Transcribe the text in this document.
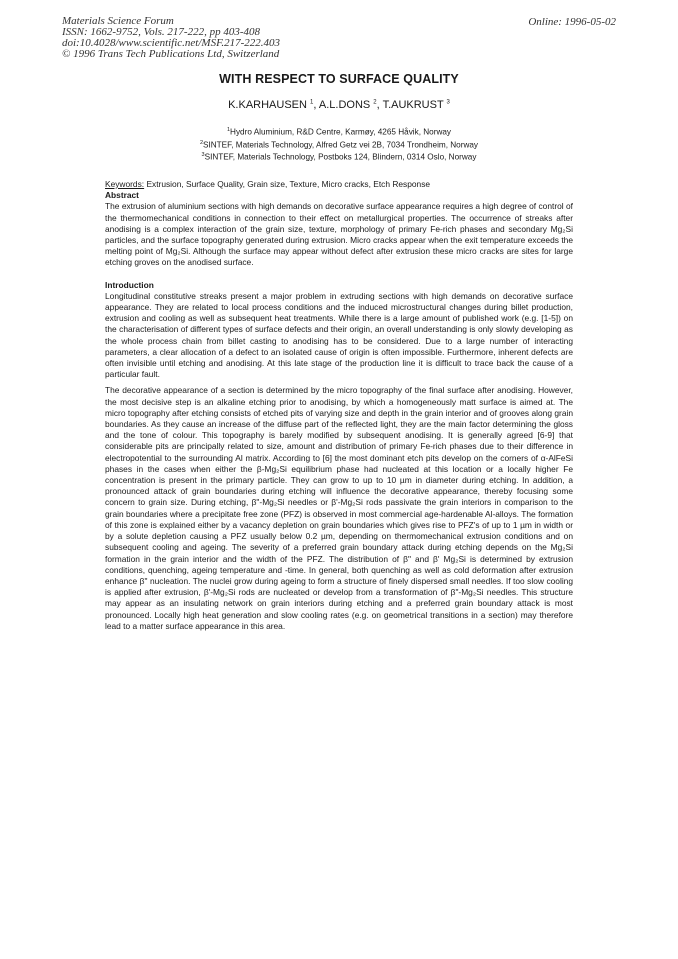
Materials Science Forum
ISSN: 1662-9752, Vols. 217-222, pp 403-408
doi:10.4028/www.scientific.net/MSF.217-222.403
© 1996 Trans Tech Publications Ltd, Switzerland
Online: 1996-05-02
WITH RESPECT TO SURFACE QUALITY
K.KARHAUSEN $^1$, A.L.DONS $^2$, T.AUKRUST $^3$
$^1$Hydro Aluminium, R&D Centre, Karmøy, 4265 Håvik, Norway
$^2$SINTEF, Materials Technology, Alfred Getz vei 2B, 7034 Trondheim, Norway
$^3$SINTEF, Materials Technology, Postboks 124, Blindern, 0314 Oslo, Norway

Keywords: Extrusion, Surface Quality, Grain size, Texture, Micro cracks, Etch Response

Abstract

The extrusion of aluminium sections with high demands on decorative surface appearance requires a high degree of control of the thermomechanical conditions in connection to their effect on metallurgical properties. The occurrence of streaks after anodising is a complex interaction of the grain size, texture, morphology of primary Fe-rich phases and secondary Mg₂Si particles, and the surface topography generated during extrusion. Micro cracks appear when the exit temperature exceeds the melting point of Mg₂Si. Although the surface may appear without defect after extrusion these micro cracks are sites for large etching groves on the anodised surface.

Introduction

Longitudinal constitutive streaks present a major problem in extruding sections with high demands on decorative surface appearance. They are related to local process conditions and the induced microstructural changes during billet production, extrusion and cooling as well as subsequent heat treatments. While there is a large amount of published work (e.g. [1-5]) on the characterisation of different types of surface defects and their origin, an overall understanding is only slowly developing as the whole process chain from billet casting to anodising has to be considered. Due to a large number of interacting parameters, a clear allocation of a defect to an isolated cause of origin is often impossible. Furthermore, inherent defects are often invisible until etching and anodising. At this late stage of the production line it is difficult to trace back the cause of a particular fault.

The decorative appearance of a section is determined by the micro topography of the final surface after anodising. However, the most decisive step is an alkaline etching prior to anodising, by which a homogeneously matt surface is aimed at. The micro topography after etching consists of etched pits of varying size and depth in the grain interior and of grooves along grain boundaries. As they cause an increase of the diffuse part of the reflected light, they are the main factor determining the gloss and the tone of colour. This topography is barely modified by subsequent anodising. It is generally agreed [6-9] that considerable pits are principally related to size, amount and distribution of primary Fe-rich phases due to their difference in electropotential to the surrounding Al matrix. According to [6] the most dominant etch pits develop on the corners of α-AlFeSi phases in the cases when either the β-Mg₂Si equilibrium phase had nucleated at this location or a locally higher Fe concentration is present in the primary particle. They can grow to up to 10 µm in diameter during etching. In addition, a pronounced attack of grain boundaries during etching will influence the decorative appearance, thereby focusing some concern to grain size. During etching, β"-Mg₂Si needles or β'-Mg₂Si rods passivate the grain interiors in comparison to the grain boundaries where a precipitate free zone (PFZ) is observed in most commercial age-hardenable Al-alloys. The formation of this zone is explained either by a vacancy depletion on grain boundaries which gives rise to PFZ's of up to 1 µm in width or by a solute depletion causing a PFZ usually below 0.2 µm, depending on thermomechanical extrusion conditions and on subsequent cooling and ageing. The severity of a preferred grain boundary attack during etching depends on the Mg₂Si formation in the grain interior and the width of the PFZ. The distribution of β" and β' Mg₂Si is determined by extrusion conditions, quenching, ageing temperature and -time. In general, both quenching as well as cold deformation after extrusion enhance β" nucleation. The nuclei grow during ageing to form a structure of finely dispersed small needles. If too slow cooling is applied after extrusion, β'-Mg₂Si rods are nucleated or develop from a transformation of β"-Mg₂Si needles. This structure may appear as an insulating network on grain interiors during etching and a preferred grain boundary attack is most pronounced. Locally high heat generation and slow cooling rates (e.g. on geometrical transitions in a section) may therefore lead to a matter surface appearance in this area.
